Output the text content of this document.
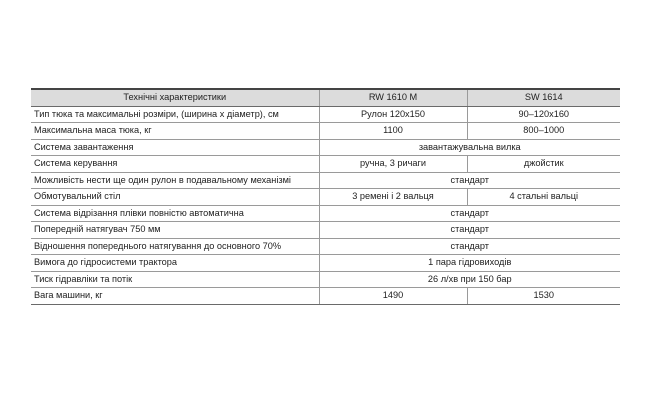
Технічні характеристики	RW 1610 M	SW 1614
Тип тюка та максимальні розміри, (ширина х діаметр), см	Рулон 120х150	90–120х160
Максимальна маса тюка, кг	1100	800–1000
Система завантаження	завантажувальна вилка	
Система керування	ручна, 3 ричаги	джойстик
Можливість нести ще один рулон в подавальному механізмі	стандарт	
Обмотувальний стіл	3 ремені і 2 вальця	4 стальні вальці
Система відрізання плівки повністю автоматична	стандарт	
Попередній натягувач 750 мм	стандарт	
Відношення попереднього натягування до основного 70%	стандарт	
Вимога до гідросистеми трактора	1 пара гідровиходів	
Тиск гідравліки та потік	26 л/хв при 150 бар	
Вага машини, кг	1490	1530
